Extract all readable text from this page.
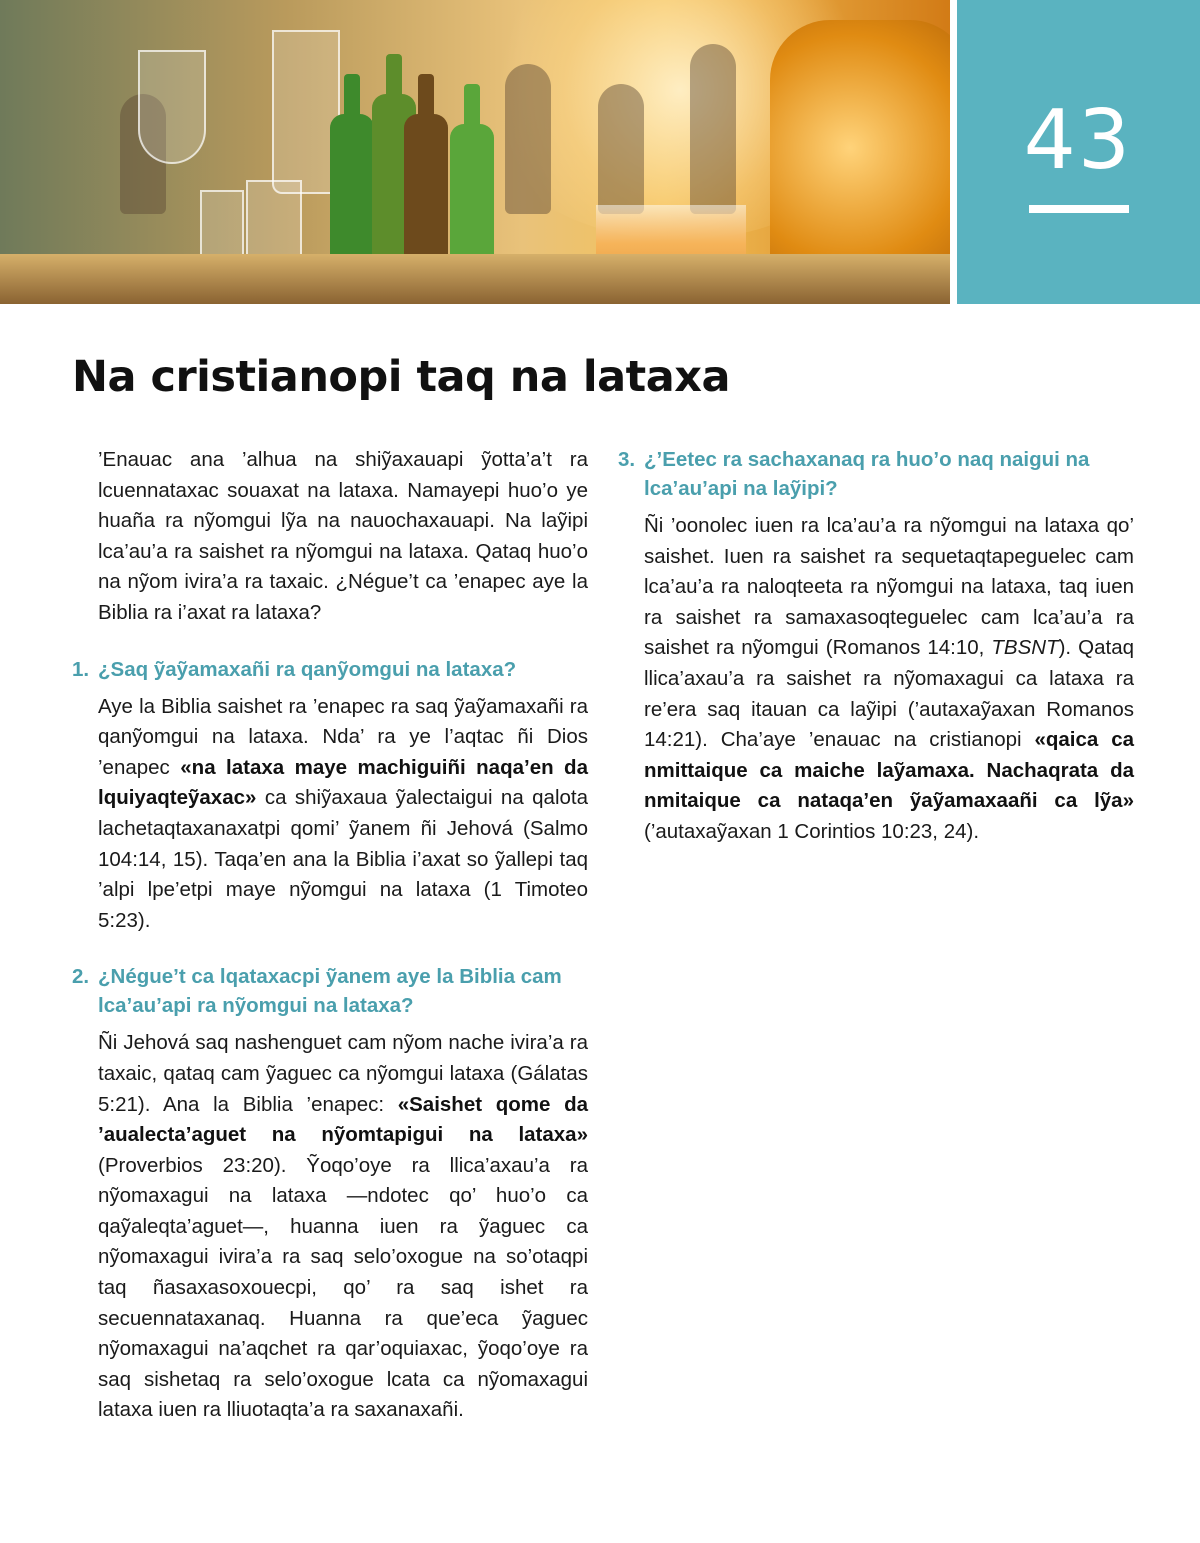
43
Na cristianopi taq na lataxa

’Enauac ana ’alhua na shiỹaxauapi ỹotta’a’t ra lcuennataxac souaxat na lataxa. Namayepi huo’o ye huañа ra nỹomgui lỹa na nauochaxauapi. Na laỹipi lca’au’a ra saishet ra nỹomgui na lataxa. Qataq huo’o na nỹom ivira’a ra taxaic. ¿Négue’t ca ’enapec aye la Biblia ra i’axat ra lataxa?

1. ¿Saq ỹaỹamaxañi ra qanỹomgui na lataxa?

Aye la Biblia saishet ra ’enapec ra saq ỹaỹamaxañi ra qanỹomgui na lataxa. Nda’ ra ye l’aqtac ñi Dios ’enapec «na lataxa maye machiguiñi naqa’en da lquiyaqteỹaxac» ca shiỹaxaua ỹalectaigui na qalota lachetaqtaxanaxatpi qomi’ ỹanem ñi Jehová (Salmo 104:14, 15). Taqa’en ana la Biblia i’axat so ỹallepi taq ’alpi lpe’etpi maye nỹomgui na lataxa (1 Timoteo 5:23).

2. ¿Négue’t ca lqataxacpi ỹanem aye la Biblia cam lca’au’api ra nỹomgui na lataxa?

Ñi Jehová saq nashenguet cam nỹom nache ivira’a ra taxaic, qataq cam ỹaguec ca nỹomgui lataxa (Gálatas 5:21). Ana la Biblia ’enapec: «Saishet qome da ’aualecta’aguet na nỹomtapigui na lataxa» (Proverbios 23:20). Ỹoqo’oye ra llica’axau’a ra nỹomaxagui na lataxa —ndotec qo’ huo’o ca qaỹaleqta’aguet—, huanna iuen ra ỹaguec ca nỹomaxagui ivira’a ra saq selo’oxogue na so’otaqpi taq ñasaxasoxouecpi, qo’ ra saq ishet ra secuennataxanaq. Huanna ra que’eca ỹaguec nỹomaxagui na’aqchet ra qar’oquiaxac, ỹoqo’oye ra saq sishetaq ra selo’oxogue lcata ca nỹomaxagui lataxa iuen ra lliuotaqta’a ra saxanaxañi.

3. ¿’Eetec ra sachaxanaq ra huo’o naq naigui na lca’au’api na laỹipi?

Ñi ’oonolec iuen ra lca’au’a ra nỹomgui na lataxa qo’ saishet. Iuen ra saishet ra sequetaqtapeguelec cam lca’au’a ra naloqteeta ra nỹomgui na lataxa, taq iuen ra saishet ra samaxasoqteguelec cam lca’au’a ra saishet ra nỹomgui (Romanos 14:10, TBSNT). Qataq llica’axau’a ra saishet ra nỹomaxagui ca lataxa ra re’era saq itauan ca laỹipi (’autaxaỹaxan Romanos 14:21). Cha’aye ’enauac na cristianopi «qaica ca nmittaique ca maiche laỹamaxa. Nachaqrata da nmitaique ca nataqa’en ỹaỹamaxaañi ca lỹa» (’autaxaỹaxan 1 Corintios 10:23, 24).
